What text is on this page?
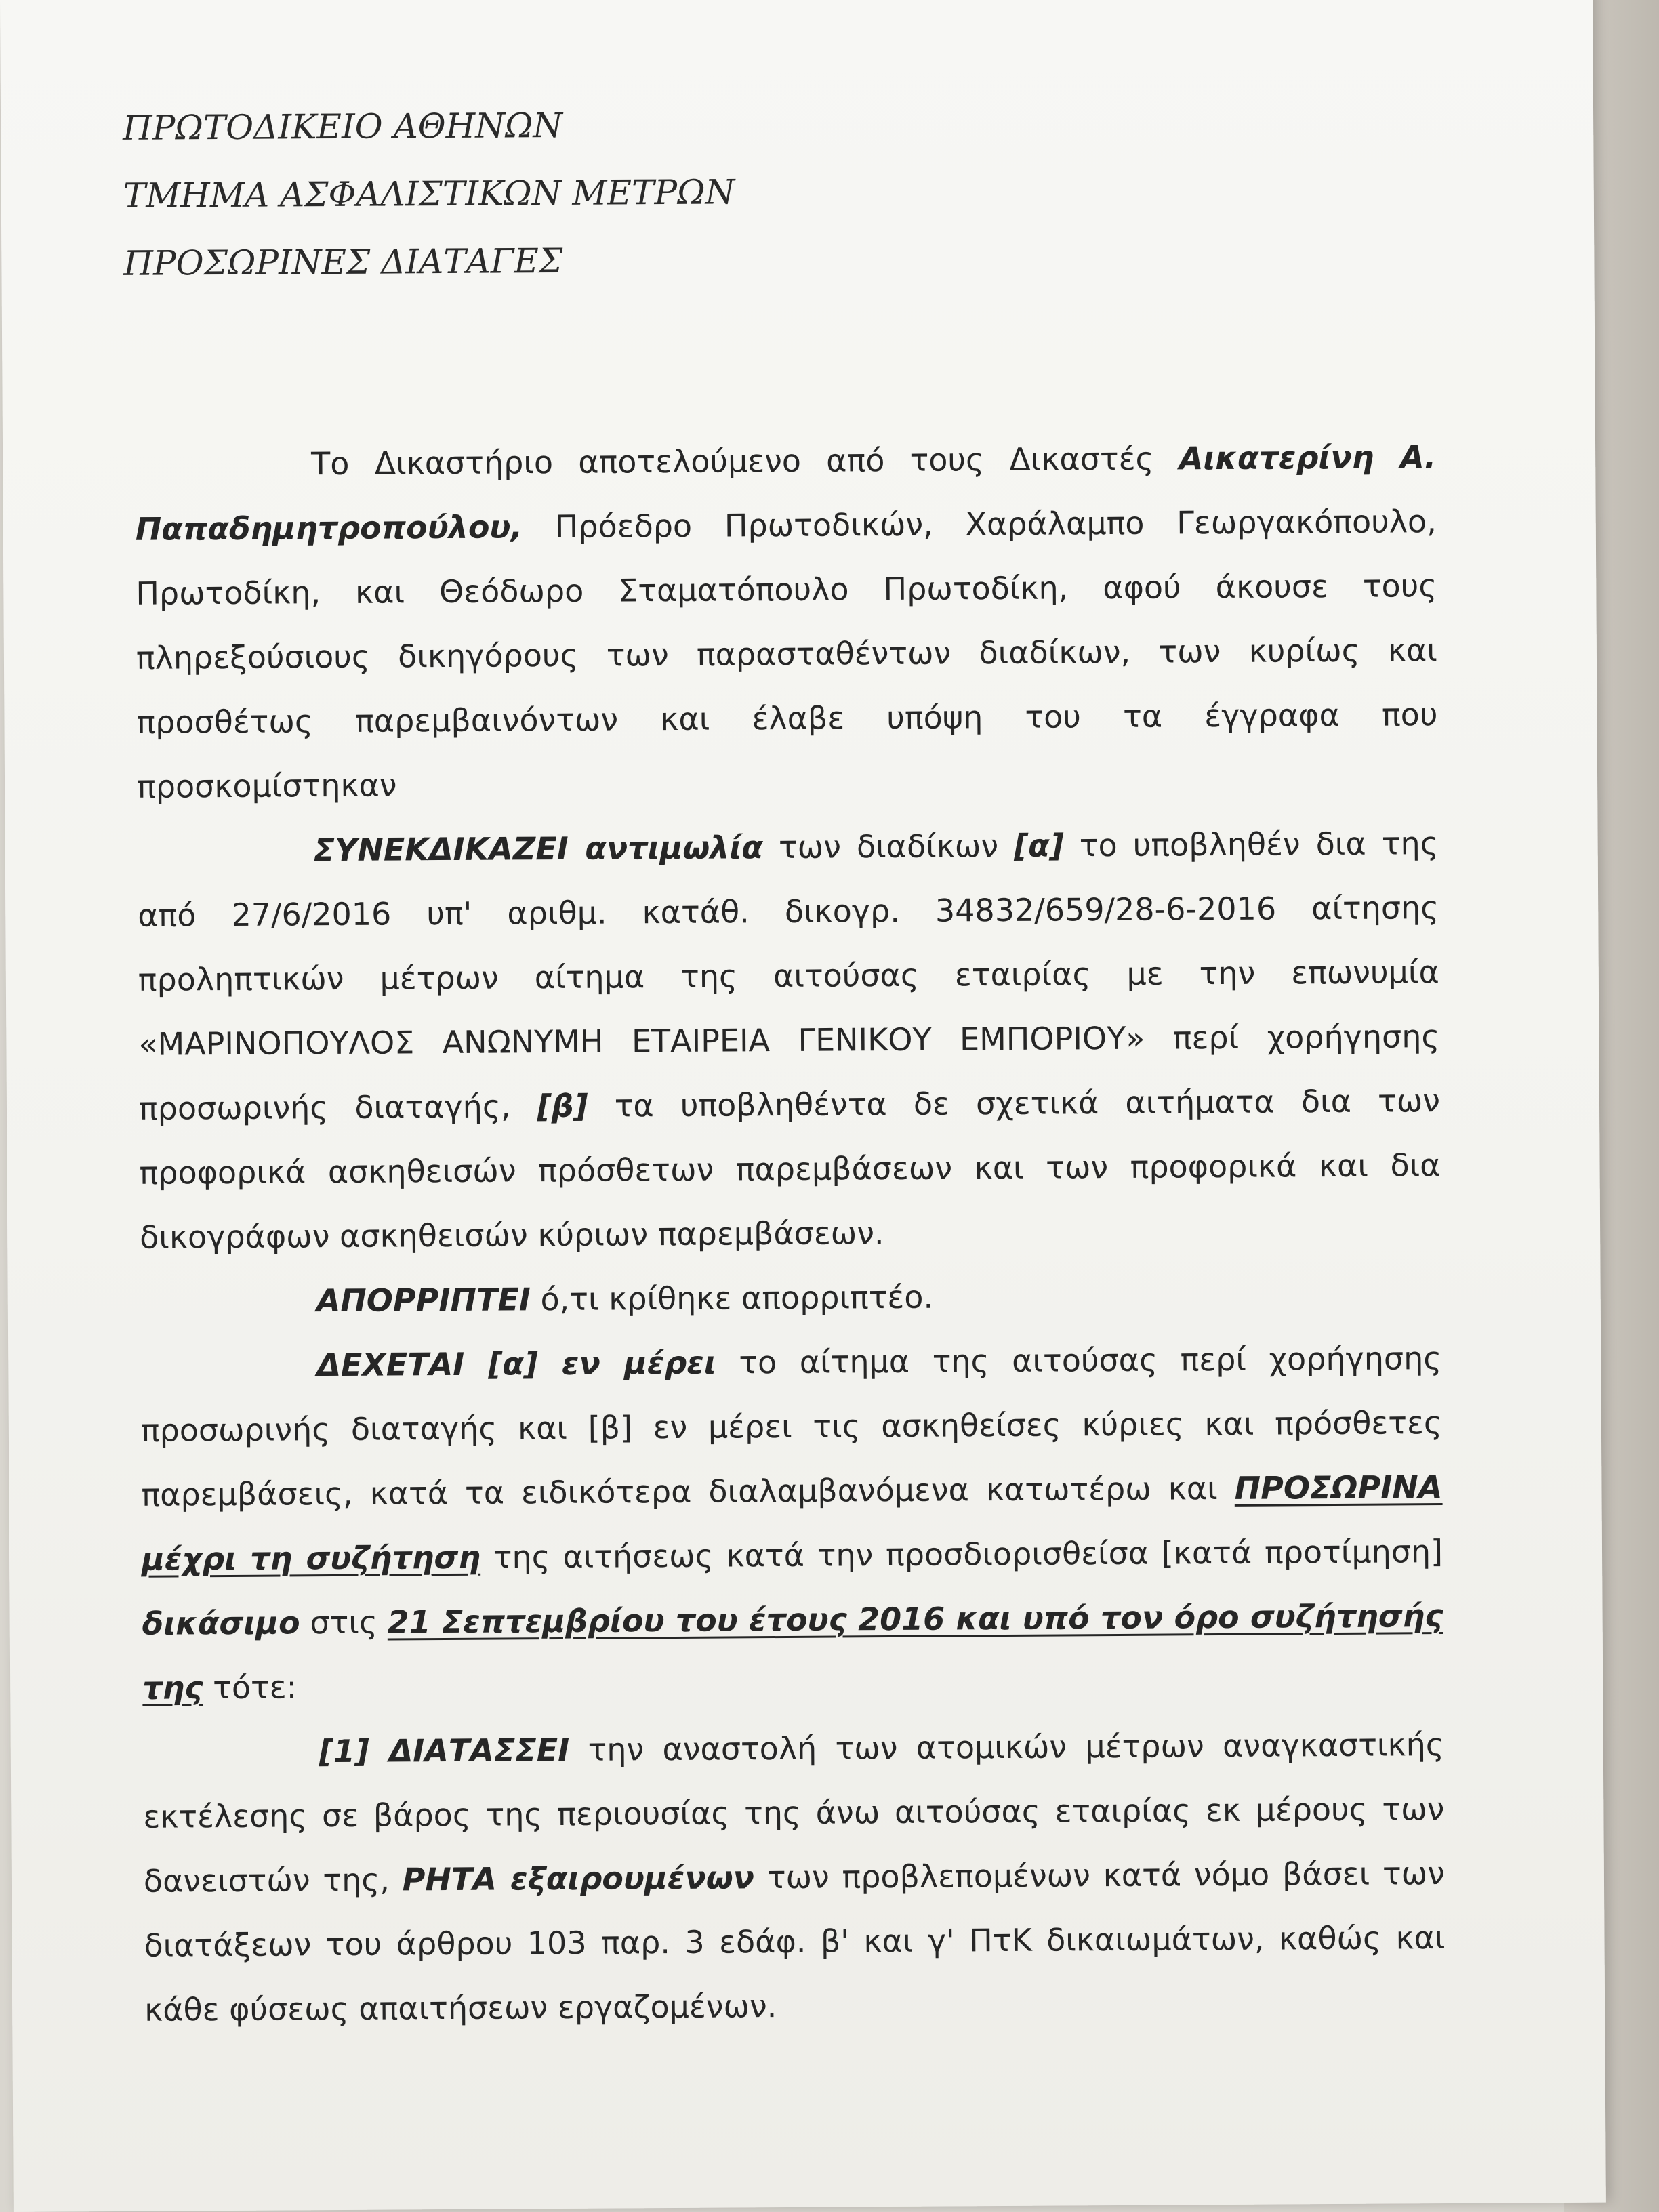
ΠΡΩΤΟΔΙΚΕΙΟ ΑΘΗΝΩΝ
ΤΜΗΜΑ ΑΣΦΑΛΙΣΤΙΚΩΝ ΜΕΤΡΩΝ
ΠΡΟΣΩΡΙΝΕΣ ΔΙΑΤΑΓΕΣ

Το Δικαστήριο αποτελούμενο από τους Δικαστές Αικατερίνη Α. Παπαδημητροπούλου, Πρόεδρο Πρωτοδικών, Χαράλαμπο Γεωργακόπουλο, Πρωτοδίκη, και Θεόδωρο Σταματόπουλο Πρωτοδίκη, αφού άκουσε τους πληρεξούσιους δικηγόρους των παρασταθέντων διαδίκων, των κυρίως και προσθέτως παρεμβαινόντων και έλαβε υπόψη του τα έγγραφα που προσκομίστηκαν

ΣΥΝΕΚΔΙΚΑΖΕΙ αντιμωλία των διαδίκων [α] το υποβληθέν δια της από 27/6/2016 υπ' αριθμ. κατάθ. δικογρ. 34832/659/28-6-2016 αίτησης προληπτικών μέτρων αίτημα της αιτούσας εταιρίας με την επωνυμία «ΜΑΡΙΝΟΠΟΥΛΟΣ ΑΝΩΝΥΜΗ ΕΤΑΙΡΕΙΑ ΓΕΝΙΚΟΥ ΕΜΠΟΡΙΟΥ» περί χορήγησης προσωρινής διαταγής, [β] τα υποβληθέντα δε σχετικά αιτήματα δια των προφορικά ασκηθεισών πρόσθετων παρεμβάσεων και των προφορικά και δια δικογράφων ασκηθεισών κύριων παρεμβάσεων.

ΑΠΟΡΡΙΠΤΕΙ ό,τι κρίθηκε απορριπτέο.

ΔΕΧΕΤΑΙ [α] εν μέρει το αίτημα της αιτούσας περί χορήγησης προσωρινής διαταγής και [β] εν μέρει τις ασκηθείσες κύριες και πρόσθετες παρεμβάσεις, κατά τα ειδικότερα διαλαμβανόμενα κατωτέρω και ΠΡΟΣΩΡΙΝΑ μέχρι τη συζήτηση της αιτήσεως κατά την προσδιορισθείσα [κατά προτίμηση] δικάσιμο στις 21 Σεπτεμβρίου του έτους 2016 και υπό τον όρο συζήτησής της τότε:

[1] ΔΙΑΤΑΣΣΕΙ την αναστολή των ατομικών μέτρων αναγκαστικής εκτέλεσης σε βάρος της περιουσίας της άνω αιτούσας εταιρίας εκ μέρους των δανειστών της, ΡΗΤΑ εξαιρουμένων των προβλεπομένων κατά νόμο βάσει των διατάξεων του άρθρου 103 παρ. 3 εδάφ. β' και γ' ΠτΚ δικαιωμάτων, καθώς και κάθε φύσεως απαιτήσεων εργαζομένων.
